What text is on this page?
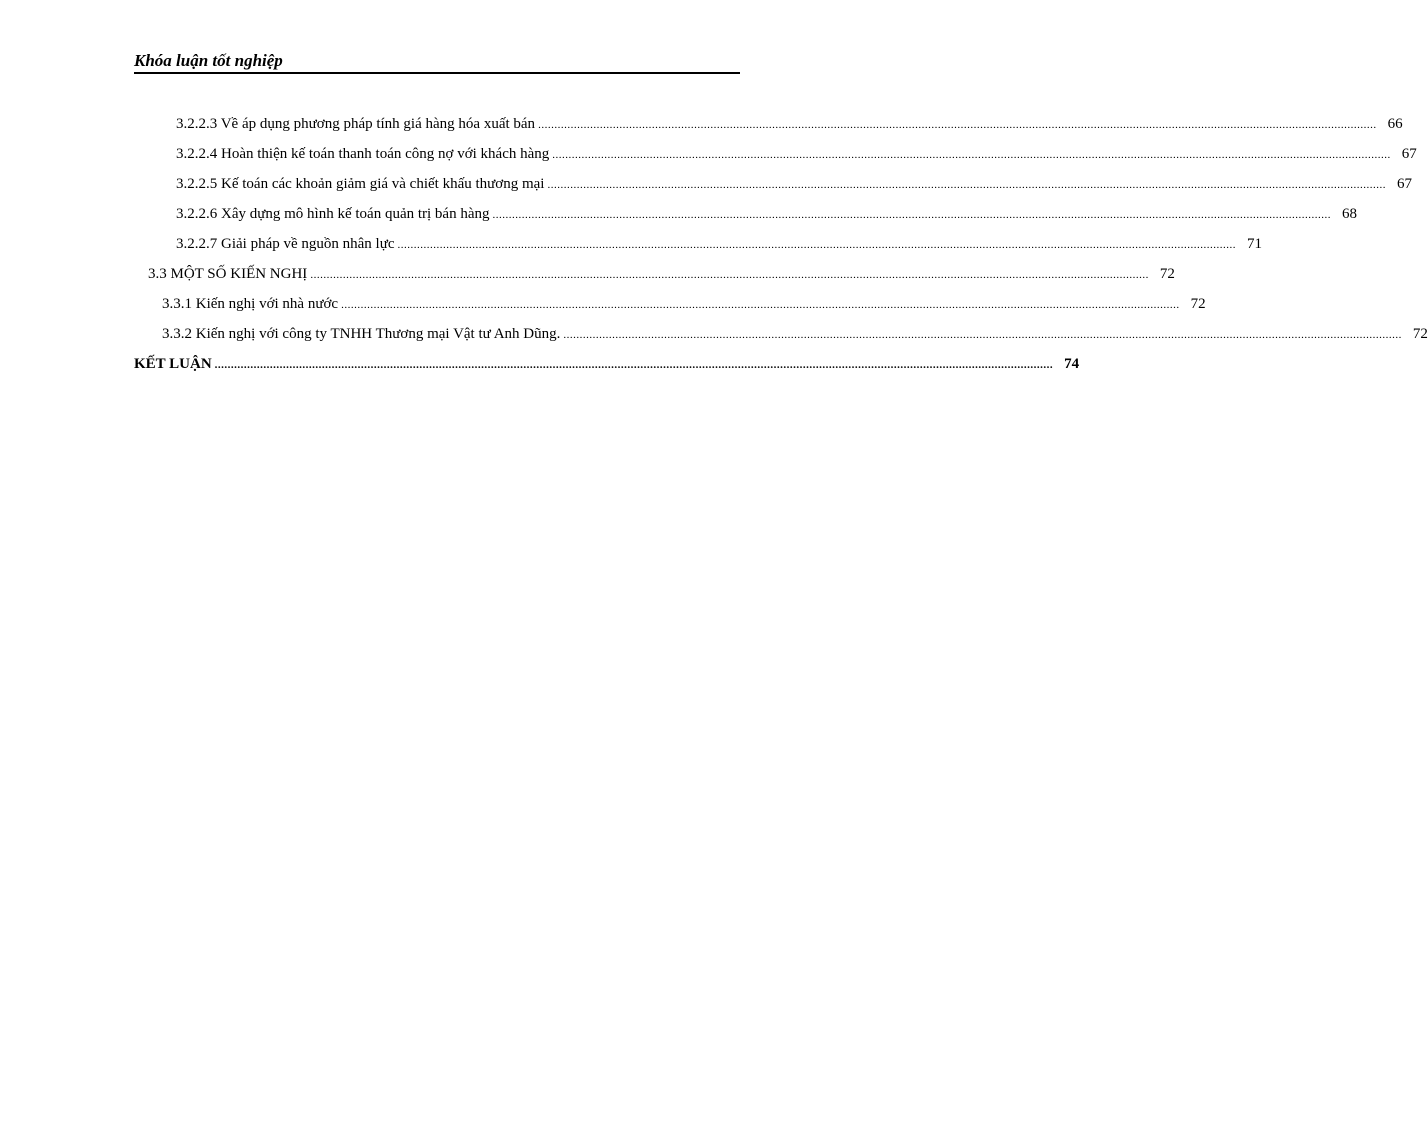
Khóa luận tốt nghiệp
3.2.2.3 Về áp dụng phương pháp tính giá hàng hóa xuất bán .................................................................................................................................................................................................................................................................. 66
3.2.2.4 Hoàn thiện kế toán thanh toán công nợ với khách hàng .................................................................................................................................................................................................................................................................. 67
3.2.2.5 Kế toán các khoản giảm giá và chiết khấu thương mại .................................................................................................................................................................................................................................................................. 67
3.2.2.6 Xây dựng mô hình kế toán quản trị bán hàng .................................................................................................................................................................................................................................................................. 68
3.2.2.7 Giải pháp về nguồn nhân lực .................................................................................................................................................................................................................................................................. 71
3.3 MỘT SỐ KIẾN NGHỊ .................................................................................................................................................................................................................................................................. 72
3.3.1 Kiến nghị với nhà nước .................................................................................................................................................................................................................................................................. 72
3.3.2 Kiến nghị với công ty TNHH Thương mại Vật tư Anh Dũng. .................................................................................................................................................................................................................................................................. 72
KẾT LUẬN .................................................................................................................................................................................................................................................................. 74
